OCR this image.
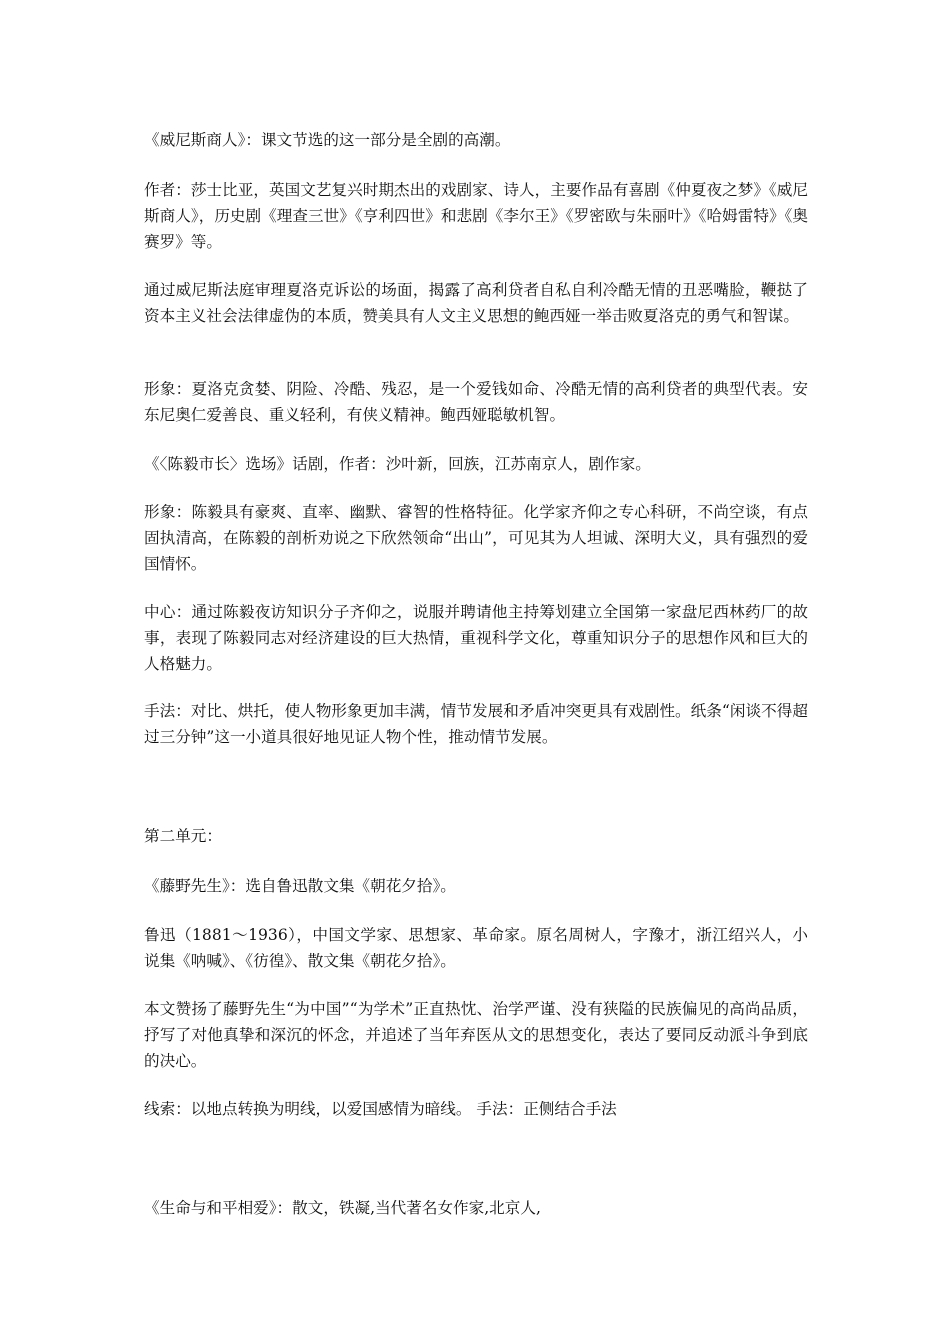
《威尼斯商人》：课文节选的这一部分是全剧的高潮。

作者：莎士比亚，英国文艺复兴时期杰出的戏剧家、诗人，主要作品有喜剧《仲夏夜之梦》《威尼斯商人》，历史剧《理查三世》《亨利四世》和悲剧《李尔王》《罗密欧与朱丽叶》《哈姆雷特》《奥赛罗》等。

通过威尼斯法庭审理夏洛克诉讼的场面，揭露了高利贷者自私自利冷酷无情的丑恶嘴脸，鞭挞了资本主义社会法律虚伪的本质，赞美具有人文主义思想的鲍西娅一举击败夏洛克的勇气和智谋。

形象：夏洛克贪婪、阴险、冷酷、残忍，是一个爱钱如命、冷酷无情的高利贷者的典型代表。安东尼奥仁爱善良、重义轻利，有侠义精神。鲍西娅聪敏机智。

《〈陈毅市长〉选场》话剧，作者：沙叶新，回族，江苏南京人，剧作家。

形象：陈毅具有豪爽、直率、幽默、睿智的性格特征。化学家齐仰之专心科研，不尚空谈，有点固执清高，在陈毅的剖析劝说之下欣然领命“出山”，可见其为人坦诚、深明大义，具有强烈的爱国情怀。

中心：通过陈毅夜访知识分子齐仰之，说服并聘请他主持筹划建立全国第一家盘尼西林药厂的故事，表现了陈毅同志对经济建设的巨大热情，重视科学文化，尊重知识分子的思想作风和巨大的人格魅力。

手法：对比、烘托，使人物形象更加丰满，情节发展和矛盾冲突更具有戏剧性。纸条“闲谈不得超过三分钟”这一小道具很好地见证人物个性，推动情节发展。

第二单元：

《藤野先生》：选自鲁迅散文集《朝花夕拾》。

鲁迅（1881～1936），中国文学家、思想家、革命家。原名周树人，字豫才，浙江绍兴人，小说集《呐喊》、《彷徨》、散文集《朝花夕拾》。

本文赞扬了藤野先生“为中国”“为学术”正直热忱、治学严谨、没有狭隘的民族偏见的高尚品质，抒写了对他真挚和深沉的怀念，并追述了当年弃医从文的思想变化，表达了要同反动派斗争到底的决心。

线索：以地点转换为明线，以爱国感情为暗线。 手法：正侧结合手法

《生命与和平相爱》：散文，铁凝,当代著名女作家,北京人,
